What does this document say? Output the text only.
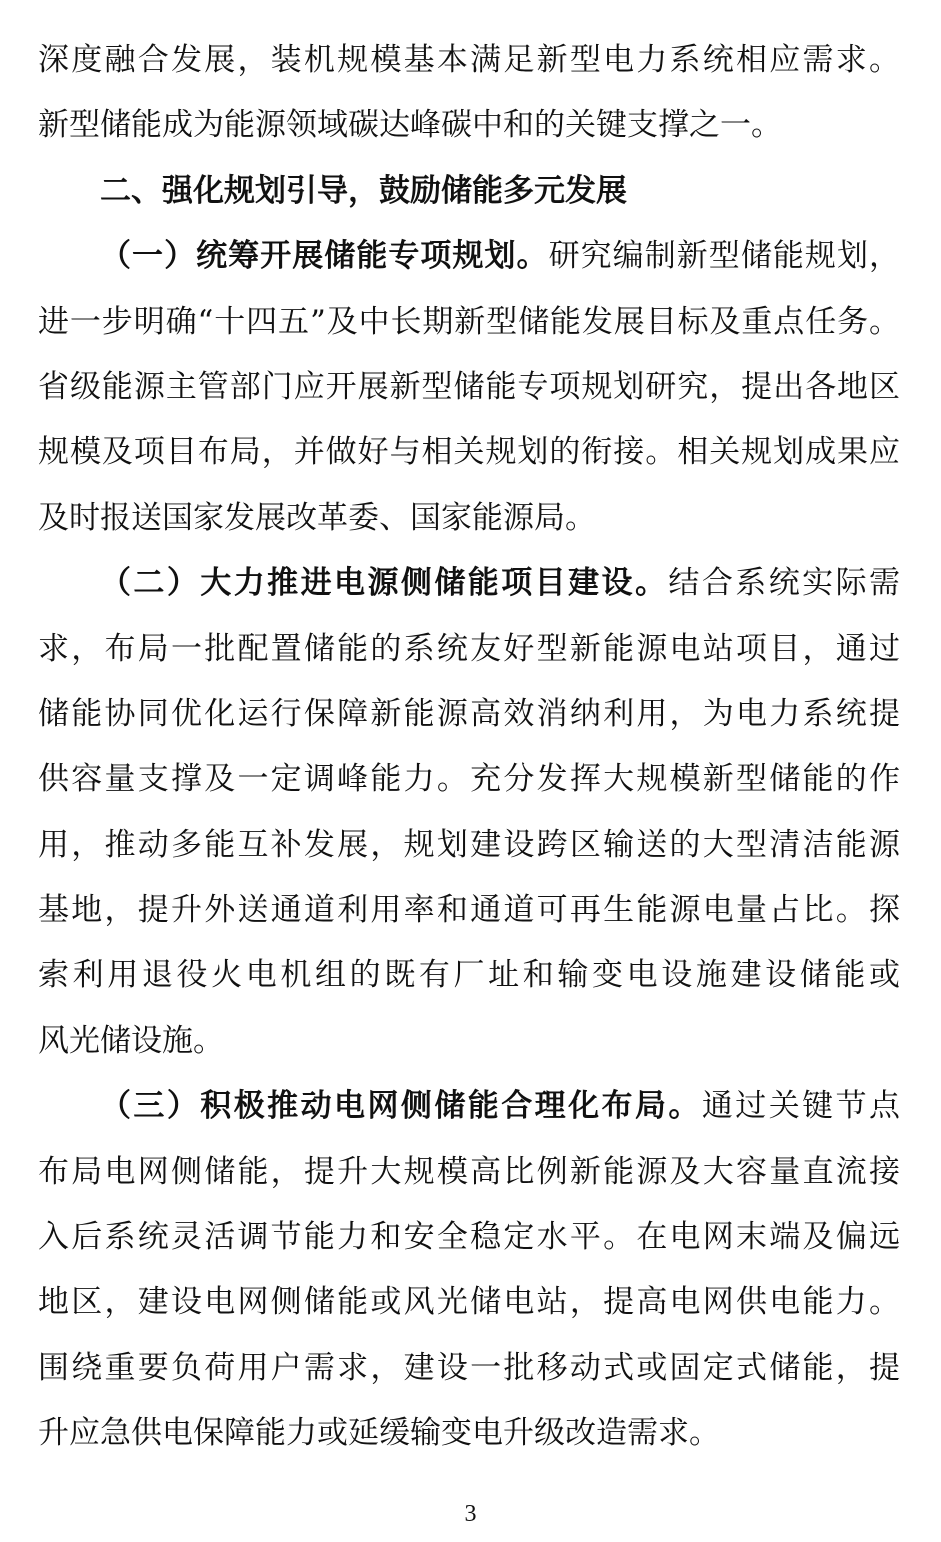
深度融合发展，装机规模基本满足新型电力系统相应需求。
新型储能成为能源领域碳达峰碳中和的关键支撑之一。
二、强化规划引导，鼓励储能多元发展
（一）统筹开展储能专项规划。研究编制新型储能规划，
进一步明确“十四五”及中长期新型储能发展目标及重点任务。
省级能源主管部门应开展新型储能专项规划研究，提出各地区
规模及项目布局，并做好与相关规划的衔接。相关规划成果应
及时报送国家发展改革委、国家能源局。
（二）大力推进电源侧储能项目建设。结合系统实际需
求，布局一批配置储能的系统友好型新能源电站项目，通过
储能协同优化运行保障新能源高效消纳利用，为电力系统提
供容量支撑及一定调峰能力。充分发挥大规模新型储能的作
用，推动多能互补发展，规划建设跨区输送的大型清洁能源
基地，提升外送通道利用率和通道可再生能源电量占比。探
索利用退役火电机组的既有厂址和输变电设施建设储能或
风光储设施。
（三）积极推动电网侧储能合理化布局。通过关键节点
布局电网侧储能，提升大规模高比例新能源及大容量直流接
入后系统灵活调节能力和安全稳定水平。在电网末端及偏远
地区，建设电网侧储能或风光储电站，提高电网供电能力。
围绕重要负荷用户需求，建设一批移动式或固定式储能，提
升应急供电保障能力或延缓输变电升级改造需求。
3
